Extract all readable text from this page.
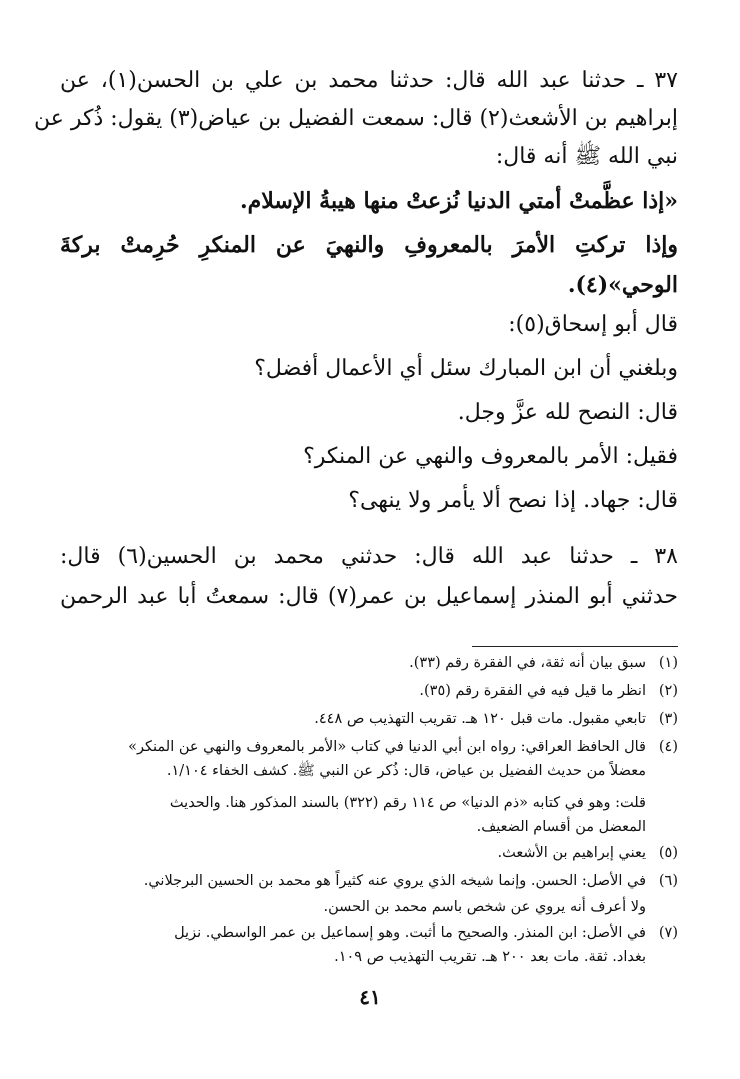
٣٧ ـ حدثنا عبد الله قال: حدثنا محمد بن علي بن الحسن(١)، عن
إبراهيم بن الأشعث(٢) قال: سمعت الفضيل بن عياض(٣) يقول: ذُكر عن
نبي الله ﷺ أنه قال:
«إذا عظَّمتْ أمتي الدنيا نُزعتْ منها هيبةُ الإسلام.
وإذا تركتِ الأمرَ بالمعروفِ والنهيَ عن المنكرِ حُرِمتْ بركةَ
الوحي»(٤).
قال أبو إسحاق(٥):
وبلغني أن ابن المبارك سئل أي الأعمال أفضل؟
قال: النصح لله عزَّ وجل.
فقيل: الأمر بالمعروف والنهي عن المنكر؟
قال: جهاد. إذا نصح ألا يأمر ولا ينهى؟
٣٨ ـ حدثنا عبد الله قال: حدثني محمد بن الحسين(٦) قال:
حدثني أبو المنذر إسماعيل بن عمر(٧) قال: سمعتُ أبا عبد الرحمن
(١)سبق بيان أنه ثقة، في الفقرة رقم (٣٣).
(٢)انظر ما قيل فيه في الفقرة رقم (٣٥).
(٣)تابعي مقبول. مات قبل ١٢٠ هـ. تقريب التهذيب ص ٤٤٨.
(٤)قال الحافظ العراقي: رواه ابن أبي الدنيا في كتاب «الأمر بالمعروف والنهي عن المنكر»
معضلاً من حديث الفضيل بن عياض، قال: ذُكر عن النبي ﷺ. كشف الخفاء ١/١٠٤.
قلت: وهو في كتابه «ذم الدنيا» ص ١١٤ رقم (٣٢٢) بالسند المذكور هنا. والحديث
المعضل من أقسام الضعيف.
(٥)يعني إبراهيم بن الأشعث.
(٦)في الأصل: الحسن. وإنما شيخه الذي يروي عنه كثيراً هو محمد بن الحسين البرجلاني.
ولا أعرف أنه يروي عن شخص باسم محمد بن الحسن.
(٧)في الأصل: ابن المنذر. والصحيح ما أثبت. وهو إسماعيل بن عمر الواسطي. نزيل
بغداد. ثقة. مات بعد ٢٠٠ هـ. تقريب التهذيب ص ١٠٩.
٤١
